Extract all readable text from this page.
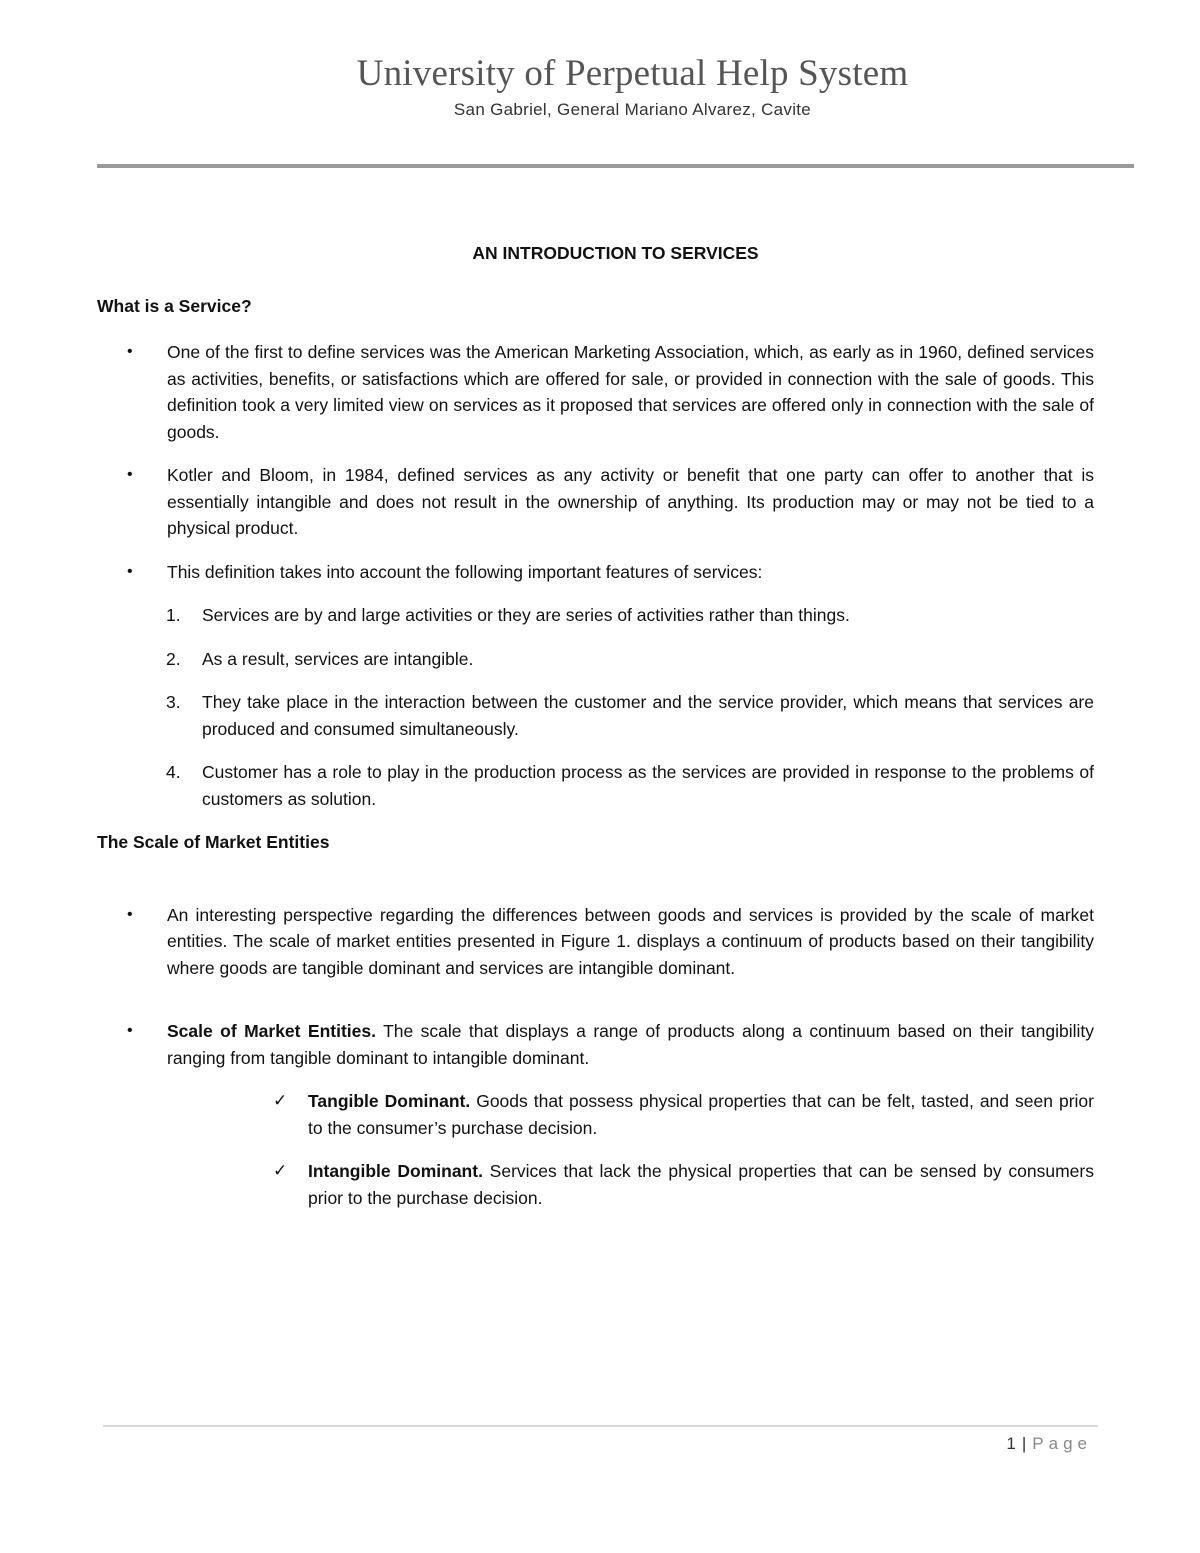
University of Perpetual Help System
San Gabriel, General Mariano Alvarez, Cavite
AN INTRODUCTION TO SERVICES
What is a Service?
• One of the first to define services was the American Marketing Association, which, as early as in 1960, defined services as activities, benefits, or satisfactions which are offered for sale, or provided in connection with the sale of goods. This definition took a very limited view on services as it proposed that services are offered only in connection with the sale of goods.
• Kotler and Bloom, in 1984, defined services as any activity or benefit that one party can offer to another that is essentially intangible and does not result in the ownership of anything. Its production may or may not be tied to a physical product.
• This definition takes into account the following important features of services:
1. Services are by and large activities or they are series of activities rather than things.
2. As a result, services are intangible.
3. They take place in the interaction between the customer and the service provider, which means that services are produced and consumed simultaneously.
4. Customer has a role to play in the production process as the services are provided in response to the problems of customers as solution.
The Scale of Market Entities
• An interesting perspective regarding the differences between goods and services is provided by the scale of market entities. The scale of market entities presented in Figure 1. displays a continuum of products based on their tangibility where goods are tangible dominant and services are intangible dominant.
• Scale of Market Entities. The scale that displays a range of products along a continuum based on their tangibility ranging from tangible dominant to intangible dominant.
✓ Tangible Dominant. Goods that possess physical properties that can be felt, tasted, and seen prior to the consumer’s purchase decision.
✓ Intangible Dominant. Services that lack the physical properties that can be sensed by consumers prior to the purchase decision.
1 | Page
